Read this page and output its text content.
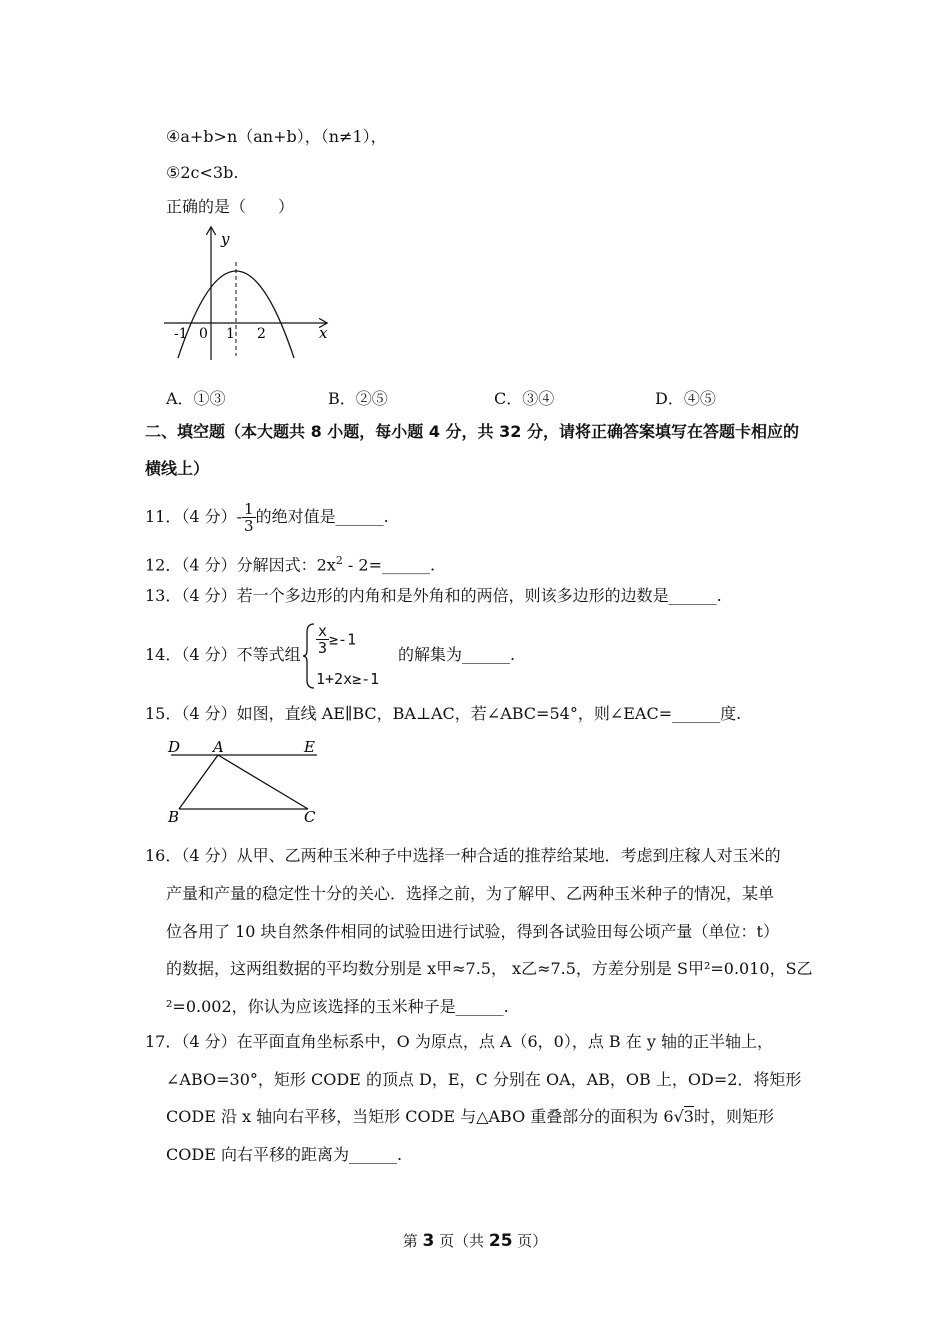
④a+b>n（an+b），（n≠1），
⑤2c<3b.
正确的是（　　）
y
x
-1 0 1 2
A．①③	B．②⑤	C．③④	D．④⑤
二、填空题（本大题共 8 小题，每小题 4 分，共 32 分，请将正确答案填写在答题卡相应的
横线上）
11．（4 分）- $\frac{1}{3}$ 的绝对值是______.
12．（4 分）分解因式：$2x^2$ - 2=______.
13．（4 分）若一个多边形的内角和是外角和的两倍，则该多边形的边数是______.
14．（4 分）不等式组 $\frac{x}{3} \ge-1$
1+2x≥-1
的解集为______.
15．（4 分）如图，直线 AE∥BC，BA⊥AC，若∠ABC=54°，则∠EAC=______度.
D A	E
B	C
16．（4 分）从甲、乙两种玉米种子中选择一种合适的推荐给某地．考虑到庄稼人对玉米的
产量和产量的稳定性十分的关心．选择之前，为了解甲、乙两种玉米种子的情况，某单
位各用了 10 块自然条件相同的试验田进行试验，得到各试验田每公顷产量（单位：t）
的数据，这两组数据的平均数分别是 x甲≈7.5， x乙≈7.5，方差分别是 S甲²=0.010，S乙
²=0.002，你认为应该选择的玉米种子是______.
17．（4 分）在平面直角坐标系中，O 为原点，点 A（6，0），点 B 在 y 轴的正半轴上，
∠ABO=30°，矩形 CODE 的顶点 D，E，C 分别在 OA，AB，OB 上，OD=2．将矩形
CODE 沿 x 轴向右平移，当矩形 CODE 与△ABO 重叠部分的面积为 6√3时，则矩形
CODE 向右平移的距离为______.
第 3 页（共 25 页）
